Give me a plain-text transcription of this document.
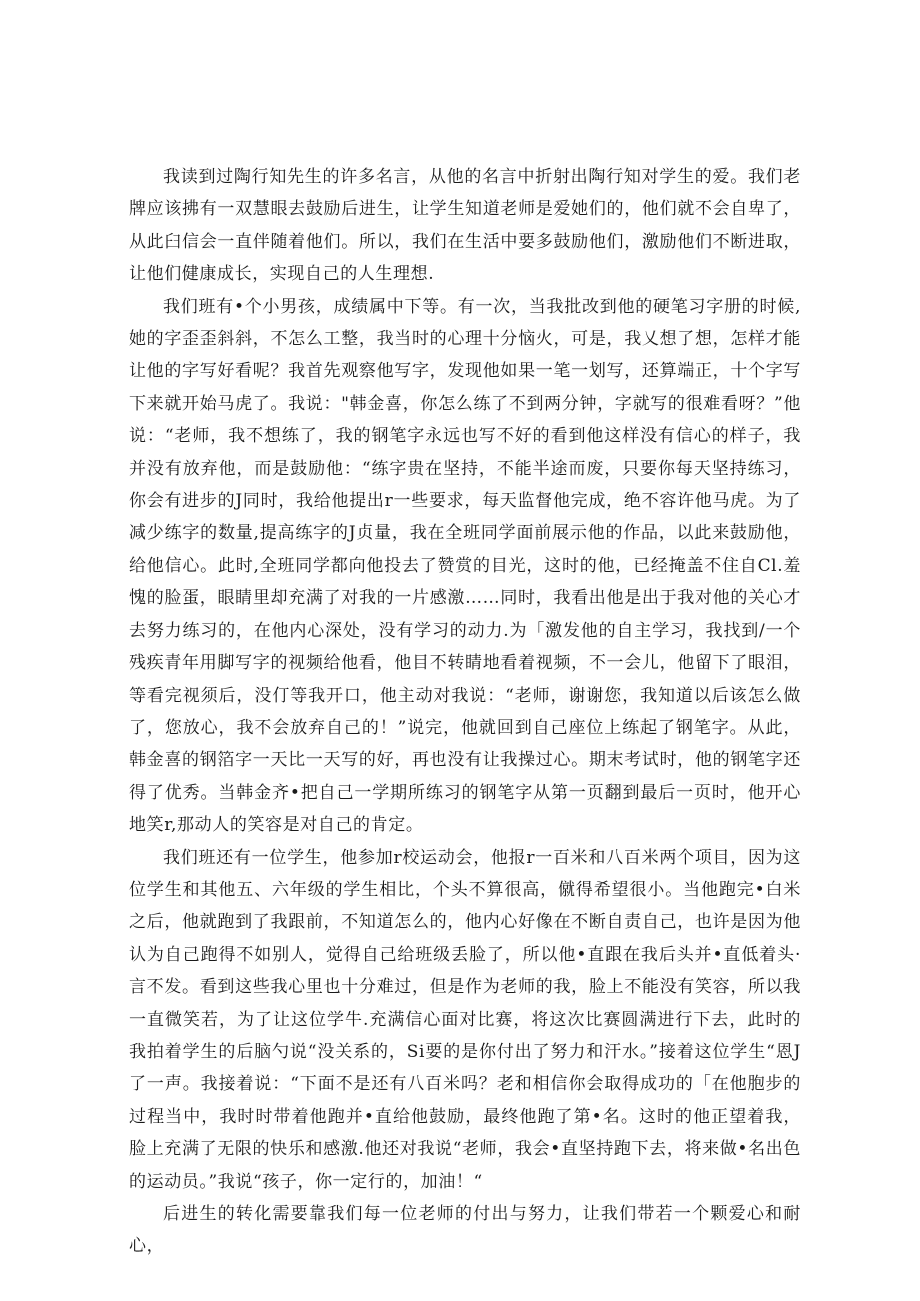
我读到过陶行知先生的许多名言，从他的名言中折射出陶行知对学生的爱。我们老牌应该拂有一双慧眼去鼓励后进生，让学生知道老师是爱她们的，他们就不会自卑了，从此臼信会一直伴随着他们。所以，我们在生活中要多鼓励他们，激励他们不断进取，让他们健康成长，实现自己的人生理想.

我们班有•个小男孩，成绩属中下等。有一次，当我批改到他的硬笔习字册的时候,她的字歪歪斜斜，不怎么工整，我当时的心理十分恼火，可是，我乂想了想，怎样才能让他的字写好看呢？我首先观察他写字，发现他如果一笔一划写，还算端正，十个字写下来就开始马虎了。我说："韩金喜，你怎么练了不到两分钟，字就写的很难看呀？”他说：“老师，我不想练了，我的钢笔字永远也写不好的看到他这样没有信心的样子，我并没有放弃他，而是鼓励他：“练字贵在坚持，不能半途而废，只要你每天坚持练习，你会有进步的J同时，我给他提出r一些要求，每天监督他完成，绝不容许他马虎。为了减少练字的数量,提高练字的J贞量，我在全班同学面前展示他的作品，以此来鼓励他，给他信心。此时,全班同学都向他投去了赞赏的目光，这时的他，已经掩盖不住自Cl.羞愧的脸蛋，眼睛里却充满了对我的一片感激……同时，我看出他是出于我对他的关心才去努力练习的，在他内心深处，没有学习的动力.为「激发他的自主学习，我找到/一个残疾青年用脚写字的视频给他看，他目不转睛地看着视频，不一会儿，他留下了眼泪，等看完视须后，没仃等我开口，他主动对我说：“老师，谢谢您，我知道以后该怎么做了，您放心，我不会放弃自己的！”说完，他就回到自己座位上练起了钢笔字。从此，韩金喜的钢箔字一天比一天写的好，再也没有让我操过心。期末考试时，他的钢笔字还得了优秀。当韩金齐•把自己一学期所练习的钢笔字从第一页翻到最后一页时，他开心地笑r,那动人的笑容是对自己的肯定。

我们班还有一位学生，他参加r校运动会，他报r一百米和八百米两个项目，因为这位学生和其他五、六年级的学生相比，个头不算很高，僦得希望很小。当他跑完•白米之后，他就跑到了我跟前，不知道怎么的，他内心好像在不断自责自己，也许是因为他认为自己跑得不如别人，觉得自己给班级丢脸了，所以他•直跟在我后头并•直低着头·言不发。看到这些我心里也十分难过，但是作为老师的我，脸上不能没有笑容，所以我一直微笑若，为了让这位学牛.充满信心面对比赛，将这次比赛圆满进行下去，此时的我拍着学生的后脑勺说“没关系的，Si要的是你付出了努力和汗水。”接着这位学生“恩J了一声。我接着说：“下面不是还有八百米吗？老和相信你会取得成功的「在他胞步的过程当中，我时时带着他跑并•直给他鼓励，最终他跑了第•名。这时的他正望着我，脸上充满了无限的快乐和感激.他还对我说“老师，我会•直坚持跑下去，将来做•名出色的运动员。”我说“孩子，你一定行的，加油！“

后进生的转化需要靠我们每一位老师的付出与努力，让我们带若一个颗爱心和耐心，
